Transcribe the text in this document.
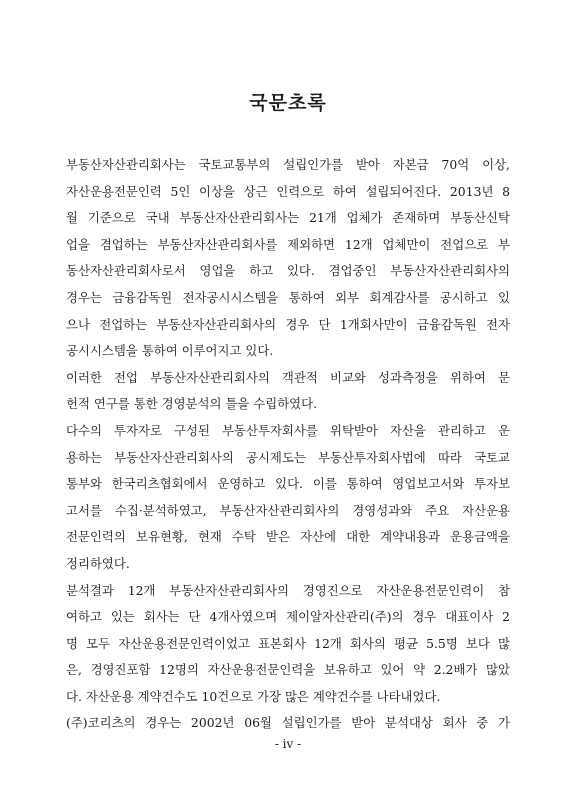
국문초록
부동산자산관리회사는 국토교통부의 설립인가를 받아 자본금 70억 이상,
자산운용전문인력 5인 이상을 상근 인력으로 하여 설립되어진다. 2013년 8
월 기준으로 국내 부동산자산관리회사는 21개 업체가 존재하며 부동산신탁
업을 겸업하는 부동산자산관리회사를 제외하면 12개 업체만이 전업으로 부
동산자산관리회사로서 영업을 하고 있다. 겸업중인 부동산자산관리회사의
경우는 금융감독원 전자공시시스템을 통하여 외부 회계감사를 공시하고 있
으나 전업하는 부동산자산관리회사의 경우 단 1개회사만이 금융감독원 전자
공시시스템을 통하여 이루어지고 있다.
이러한 전업 부동산자산관리회사의 객관적 비교와 성과측정을 위하여 문
헌적 연구를 통한 경영분석의 틀을 수립하였다.
다수의 투자자로 구성된 부동산투자회사를 위탁받아 자산을 관리하고 운
용하는 부동산자산관리회사의 공시제도는 부동산투자회사법에 따라 국토교
통부와 한국리츠협회에서 운영하고 있다. 이를 통하여 영업보고서와 투자보
고서를 수집·분석하였고, 부동산자산관리회사의 경영성과와 주요 자산운용
전문인력의 보유현황, 현재 수탁 받은 자산에 대한 계약내용과 운용금액을
정리하였다.
분석결과 12개 부동산자산관리회사의 경영진으로 자산운용전문인력이 참
여하고 있는 회사는 단 4개사였으며 제이알자산관리(주)의 경우 대표이사 2
명 모두 자산운용전문인력이었고 표본회사 12개 회사의 평균 5.5명 보다 많
은, 경영진포함 12명의 자산운용전문인력을 보유하고 있어 약 2.2배가 많았
다. 자산운용 계약건수도 10건으로 가장 많은 계약건수를 나타내었다.
(주)코리츠의 경우는 2002년 06월 설립인가를 받아 분석대상 회사 중 가
- iv -
